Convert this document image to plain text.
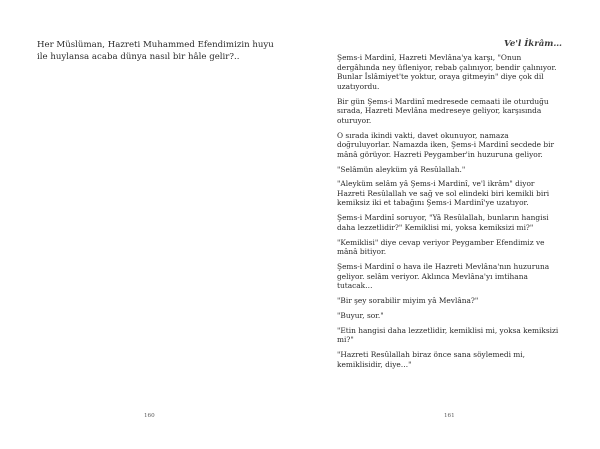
Her Müslüman, Hazreti Muhammed Efendimizin huyu ile huylansa acaba dünya nasıl bir hâle gelir?..
160
Ve'l İkrâm…

Şems-i Mardinî, Hazreti Mevlâna'ya karşı, "Onun dergâhında ney üfleniyor, rebab çalınıyor, bendir çalınıyor. Bunlar İslâmiyet'te yoktur, oraya gitmeyin" diye çok dil uzatıyordu.

Bir gün Şems-i Mardinî medresede cemaati ile oturduğu sırada, Hazreti Mevlâna medreseye geliyor, karşısında oturuyor.

O sırada ikindi vakti, davet okunuyor, namaza doğruluyorlar. Namazda iken, Şems-i Mardinî secdede bir mânâ görüyor. Hazreti Peygamber'in huzuruna geliyor.

"Selâmün aleyküm yâ Resûlallah."

"Aleyküm selâm yâ Şems-i Mardinî, ve'l ikrâm" diyor Hazreti Resûlallah ve sağ ve sol elindeki biri kemikli biri kemiksiz iki et tabağını Şems-i Mardinî'ye uzatıyor.

Şems-i Mardinî soruyor, "Yâ Resûlallah, bunların hangisi daha lezzetlidir?" Kemiklisi mi, yoksa kemiksizi mi?"

"Kemiklisi" diye cevap veriyor Peygamber Efendimiz ve mânâ bitiyor.

Şems-i Mardinî o hava ile Hazreti Mevlâna'nın huzuruna geliyor. selâm veriyor. Aklınca Mevlâna'yı imtihana tutacak…

"Bir şey sorabilir miyim yâ Mevlâna?"

"Buyur, sor."

"Etin hangisi daha lezzetlidir, kemiklisi mi, yoksa kemiksizi mi?"

"Hazreti Resûlallah biraz önce sana söylemedi mi, kemiklisidir, diye…"

161
